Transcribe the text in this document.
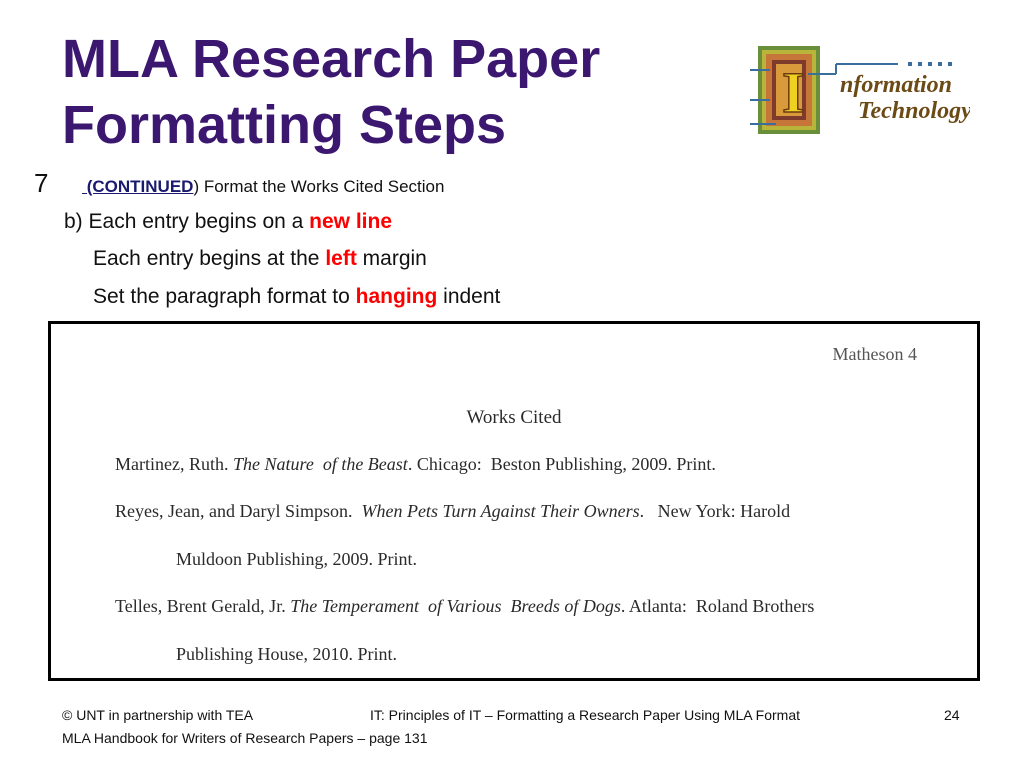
MLA Research Paper
Formatting Steps	I nformation
Technology
7 (CONTINUED) Format the Works Cited Section
b) Each entry begins on a new line
Each entry begins at the left margin
Set the paragraph format to hanging indent
Matheson 4
Works Cited
Martinez, Ruth. The Nature  of the Beast. Chicago:  Beston Publishing, 2009. Print.
Reyes, Jean, and Daryl Simpson.  When Pets Turn Against Their Owners.   New York: Harold
Muldoon Publishing, 2009. Print.
Telles, Brent Gerald, Jr. The Temperament  of Various  Breeds of Dogs. Atlanta:  Roland Brothers
Publishing House, 2010. Print.
© UNT in partnership with TEA	IT: Principles of IT – Formatting a Research Paper Using MLA Format	24
MLA Handbook for Writers of Research Papers – page 131
